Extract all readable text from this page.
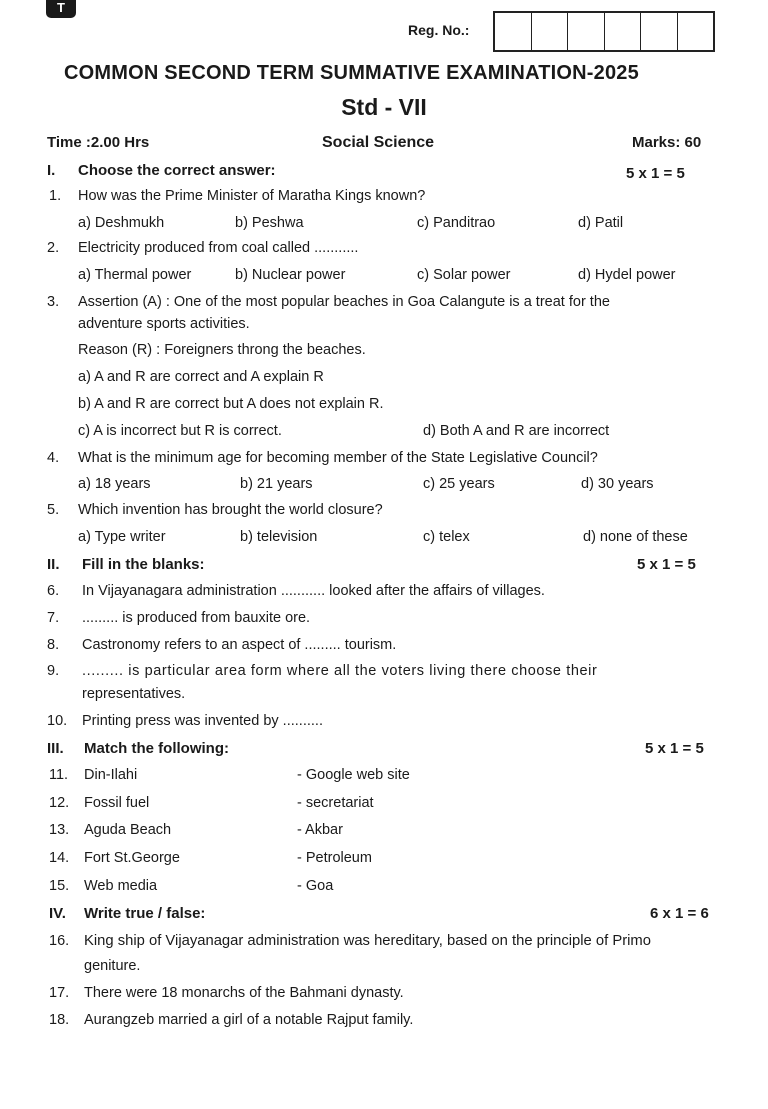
T
Reg. No.:
COMMON SECOND TERM SUMMATIVE EXAMINATION-2025
Std - VII
Time :2.00 Hrs	Social Science	Marks: 60
I. Choose the correct answer:	5 x 1 = 5
1. How was the Prime Minister of Maratha Kings known?
a) Deshmukh	b) Peshwa	c) Panditrao	d) Patil
2. Electricity produced from coal called ...........
a) Thermal power	b) Nuclear power	c) Solar power	d) Hydel power
3. Assertion (A) : One of the most popular beaches in Goa Calangute is a treat for the
adventure sports activities.
Reason (R) : Foreigners throng the beaches.
a) A and R are correct and A explain R
b) A and R are correct but A does not explain R.
c) A is incorrect but R is correct.	d) Both A and R are incorrect
4. What is the minimum age for becoming member of the State Legislative Council?
a) 18 years	b) 21 years	c) 25 years	d) 30 years
5. Which invention has brought the world closure?
a) Type writer	b) television	c) telex	d) none of these
II. Fill in the blanks:	5 x 1 = 5
6. In Vijayanagara administration ........... looked after the affairs of villages.
7. ......... is produced from bauxite ore.
8. Castronomy refers to an aspect of ......... tourism.
9. ......... is particular area form where all the voters living there choose their
representatives.
10. Printing press was invented by ..........
III. Match the following:	5 x 1 = 5
11. Din-Ilahi	- Google web site
12. Fossil fuel	- secretariat
13. Aguda Beach	- Akbar
14. Fort St.George	- Petroleum
15. Web media	- Goa
IV. Write true / false:	6 x 1 = 6
16. King ship of Vijayanagar administration was hereditary, based on the principle of Primo
geniture.
17. There were 18 monarchs of the Bahmani dynasty.
18. Aurangzeb married a girl of a notable Rajput family.
